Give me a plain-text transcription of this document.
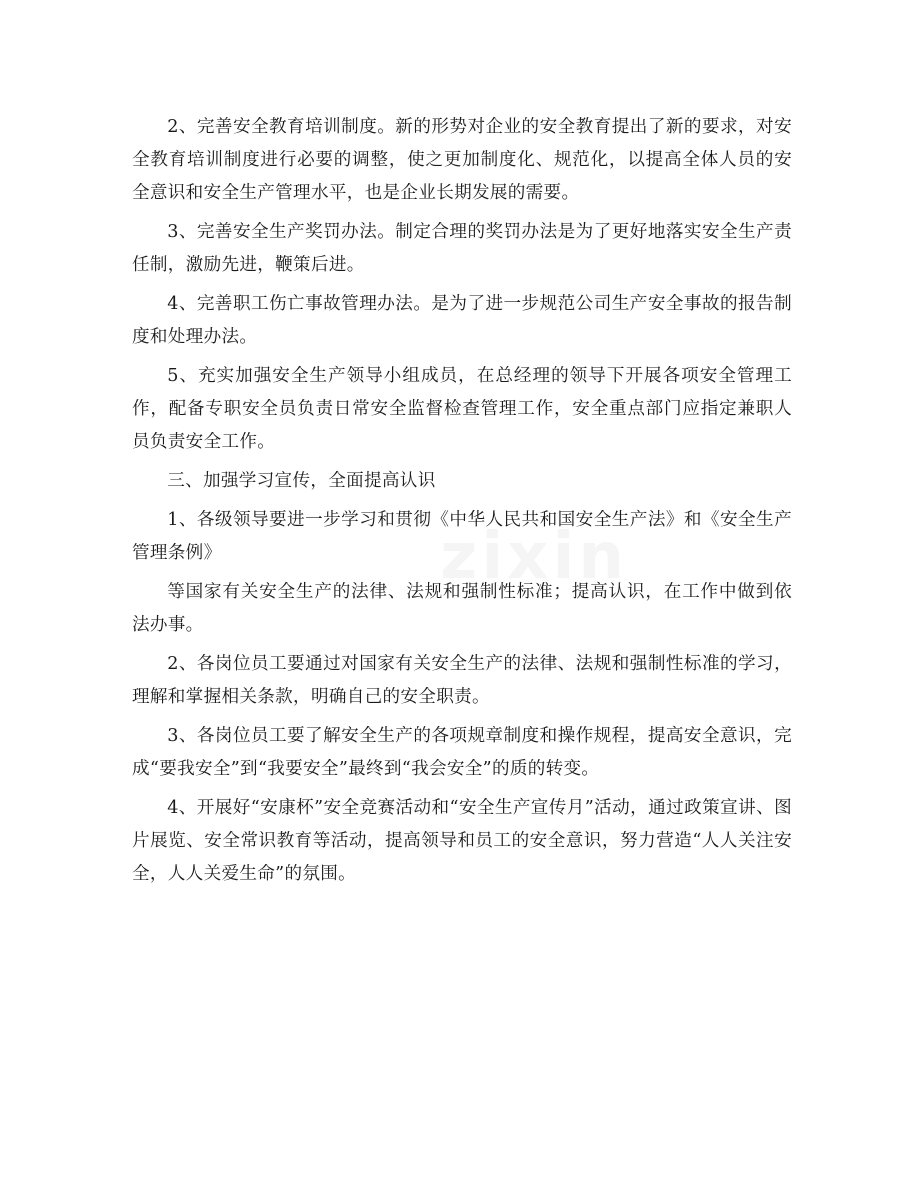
zixin

2、完善安全教育培训制度。新的形势对企业的安全教育提出了新的要求，对安全教育培训制度进行必要的调整，使之更加制度化、规范化，以提高全体人员的安全意识和安全生产管理水平，也是企业长期发展的需要。

3、完善安全生产奖罚办法。制定合理的奖罚办法是为了更好地落实安全生产责任制，激励先进，鞭策后进。

4、完善职工伤亡事故管理办法。是为了进一步规范公司生产安全事故的报告制度和处理办法。

5、充实加强安全生产领导小组成员，在总经理的领导下开展各项安全管理工作，配备专职安全员负责日常安全监督检查管理工作，安全重点部门应指定兼职人员负责安全工作。

三、加强学习宣传，全面提高认识

1、各级领导要进一步学习和贯彻《中华人民共和国安全生产法》和《安全生产管理条例》

等国家有关安全生产的法律、法规和强制性标准；提高认识，在工作中做到依法办事。

2、各岗位员工要通过对国家有关安全生产的法律、法规和强制性标准的学习，理解和掌握相关条款，明确自己的安全职责。

3、各岗位员工要了解安全生产的各项规章制度和操作规程，提高安全意识，完成“要我安全”到“我要安全”最终到“我会安全”的质的转变。

4、开展好“安康杯”安全竞赛活动和“安全生产宣传月”活动，通过政策宣讲、图片展览、安全常识教育等活动，提高领导和员工的安全意识，努力营造“人人关注安全，人人关爱生命”的氛围。
